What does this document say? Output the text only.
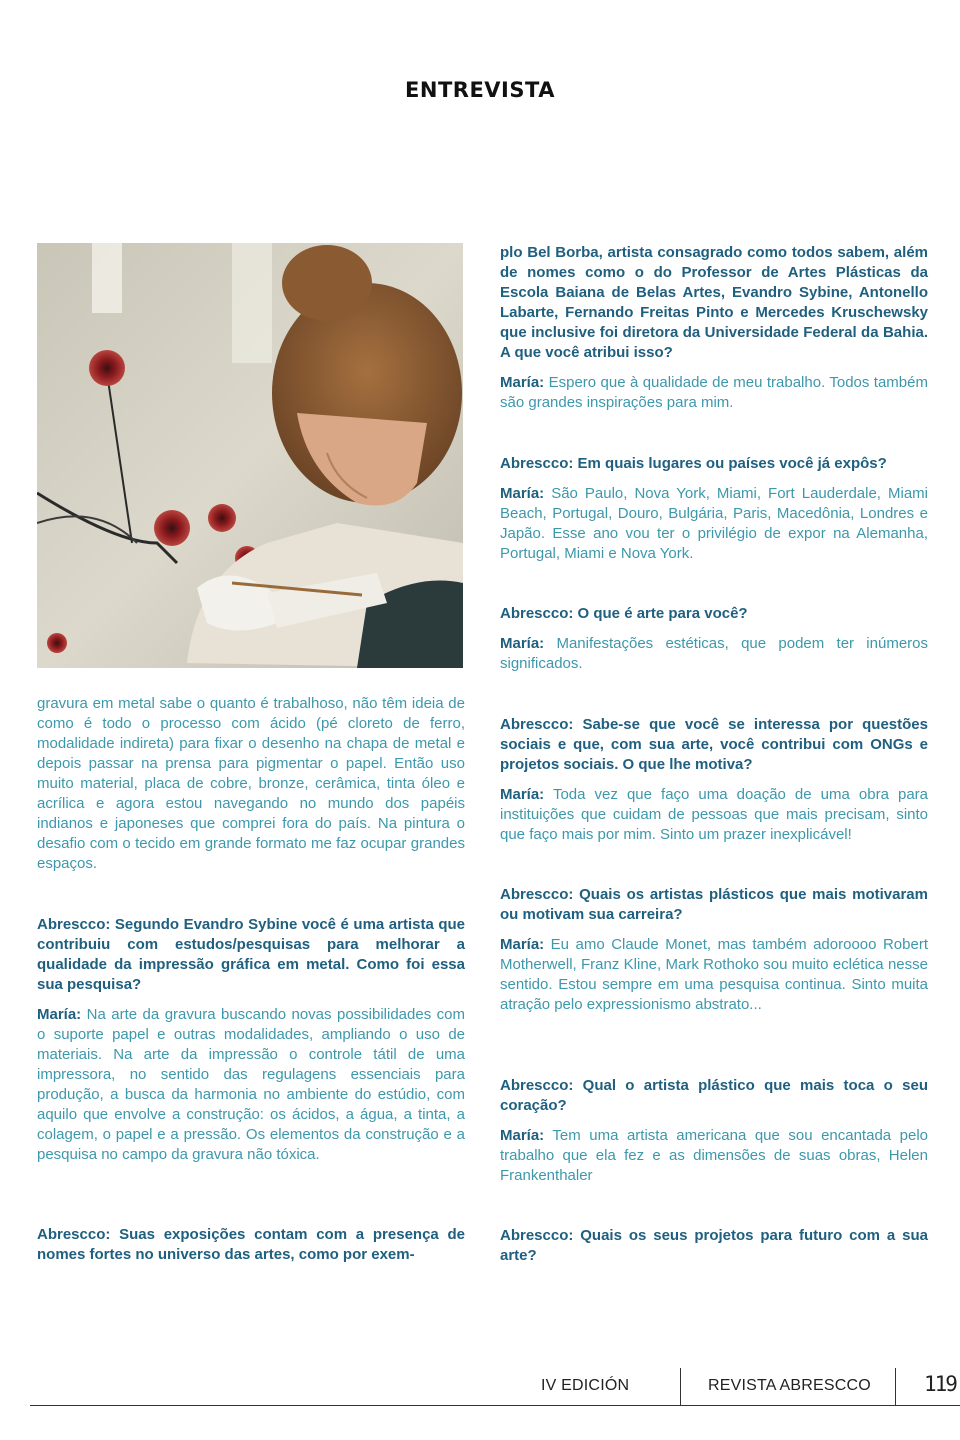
ENTREVISTA

gravura em metal sabe o quanto é trabalhoso, não têm ideia de como é todo o processo com ácido (pé cloreto de ferro, modalidade indireta) para fixar o desenho na chapa de metal e depois passar na prensa para pigmentar o papel. Então uso muito material, placa de cobre, bronze, cerâmica, tinta óleo e acrílica e agora estou navegando no mundo dos papéis indianos e japoneses que comprei fora do país. Na pintura o desafio com o tecido em grande formato me faz ocupar grandes espaços.

Abrescco: Segundo Evandro Sybine você é uma artista que contribuiu com estudos/pesquisas para melhorar a qualidade da impressão gráfica em metal. Como foi essa sua pesquisa?

María: Na arte da gravura buscando novas possibilidades com o suporte papel e outras modalidades, ampliando o uso de materiais. Na arte da impressão o controle tátil de uma impressora, no sentido das regulagens essenciais para produção, a busca da harmonia no ambiente do estúdio, com aquilo que envolve a construção: os ácidos, a água, a tinta, a colagem, o papel e a pressão. Os elementos da construção e a pesquisa no campo da gravura não tóxica.

Abrescco: Suas exposições contam com a presença de nomes fortes no universo das artes, como por exem-

plo Bel Borba, artista consagrado como todos sabem, além de nomes como o do Professor de Artes Plásticas da Escola Baiana de Belas Artes, Evandro Sybine, Antonello Labarte, Fernando Freitas Pinto e Mercedes Kruschewsky que inclusive foi diretora da Universidade Federal da Bahia. A que você atribui isso?

María: Espero que à qualidade de meu trabalho. Todos também são grandes inspirações para mim.

Abrescco: Em quais lugares ou países você já expôs?

María: São Paulo, Nova York, Miami, Fort Lauderdale, Miami Beach, Portugal, Douro, Bulgária, Paris, Macedônia, Londres e Japão. Esse ano vou ter o privilégio de expor na Alemanha, Portugal, Miami e Nova York.

Abrescco: O que é arte para você?

María: Manifestações estéticas, que podem ter inúmeros significados.

Abrescco: Sabe-se que você se interessa por questões sociais e que, com sua arte, você contribui com ONGs e projetos sociais. O que lhe motiva?

María: Toda vez que faço uma doação de uma obra para instituições que cuidam de pessoas que mais precisam, sinto que faço mais por mim. Sinto um prazer inexplicável!

Abrescco: Quais os artistas plásticos que mais motivaram ou motivam sua carreira?

María: Eu amo Claude Monet, mas também adoroooo Robert Motherwell, Franz Kline, Mark Rothoko sou muito eclética nesse sentido. Estou sempre em uma pesquisa continua. Sinto muita atração pelo expressionismo abstrato...

Abrescco: Qual o artista plástico que mais toca o seu coração?

María: Tem uma artista americana que sou encantada pelo trabalho que ela fez e as dimensões de suas obras, Helen Frankenthaler

Abrescco: Quais os seus projetos para futuro com a sua arte?

IV EDICIÓN	REVISTA ABRESCCO	119
